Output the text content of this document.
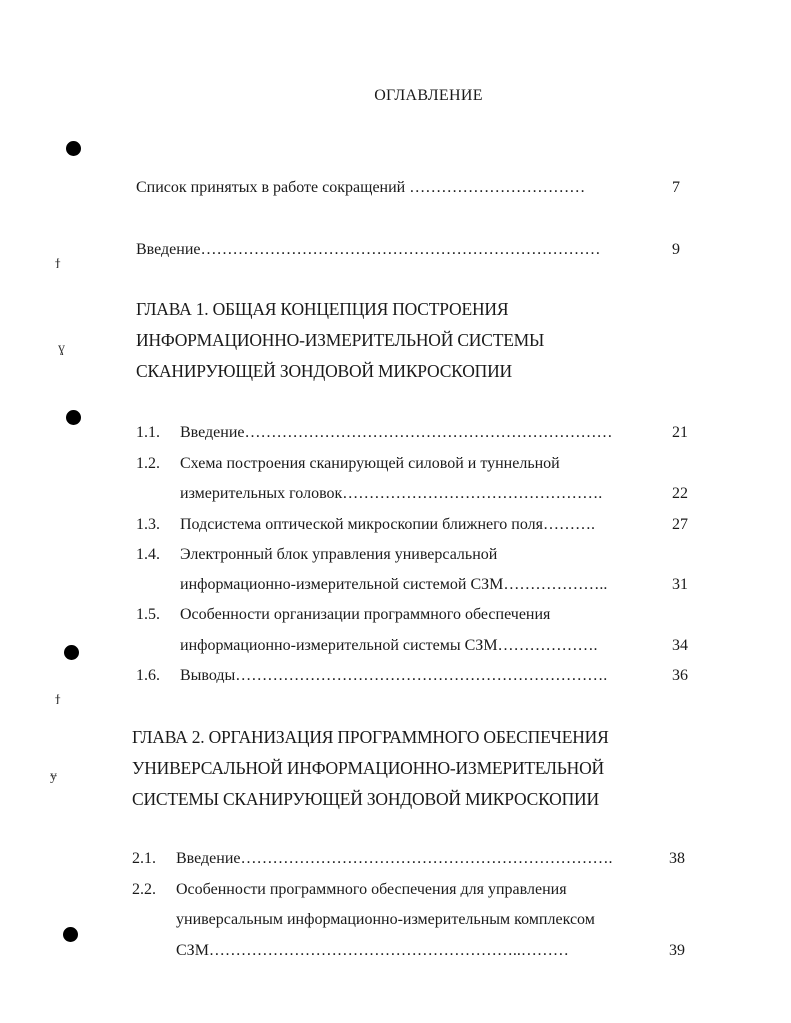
ϯ
ɣ
ϯ
ɏ
ОГЛАВЛЕНИЕ
Список принятых в работе сокращений ……………………………	7
Введение…………………………………………………………………	9
ГЛАВА 1. ОБЩАЯ КОНЦЕПЦИЯ ПОСТРОЕНИЯ
ИНФОРМАЦИОННО-ИЗМЕРИТЕЛЬНОЙ СИСТЕМЫ
СКАНИРУЮЩЕЙ ЗОНДОВОЙ МИКРОСКОПИИ
1.1. Введение……………………………………………………………	21
1.2. Схема построения сканирующей силовой и туннельной
измерительных головок………………………………………….	22
1.3. Подсистема оптической микроскопии ближнего поля……….	27
1.4. Электронный блок управления универсальной
информационно-измерительной системой СЗМ………………..	31
1.5. Особенности организации программного обеспечения
информационно-измерительной системы СЗМ……………….	34
1.6. Выводы…………………………………………………………….	36
ГЛАВА 2. ОРГАНИЗАЦИЯ ПРОГРАММНОГО ОБЕСПЕЧЕНИЯ
УНИВЕРСАЛЬНОЙ ИНФОРМАЦИОННО-ИЗМЕРИТЕЛЬНОЙ
СИСТЕМЫ СКАНИРУЮЩЕЙ ЗОНДОВОЙ МИКРОСКОПИИ
2.1. Введение…………………………………………………………….	38
2.2. Особенности программного обеспечения для управления
универсальным информационно-измерительным комплексом
СЗМ…………………………………………………..………	39
